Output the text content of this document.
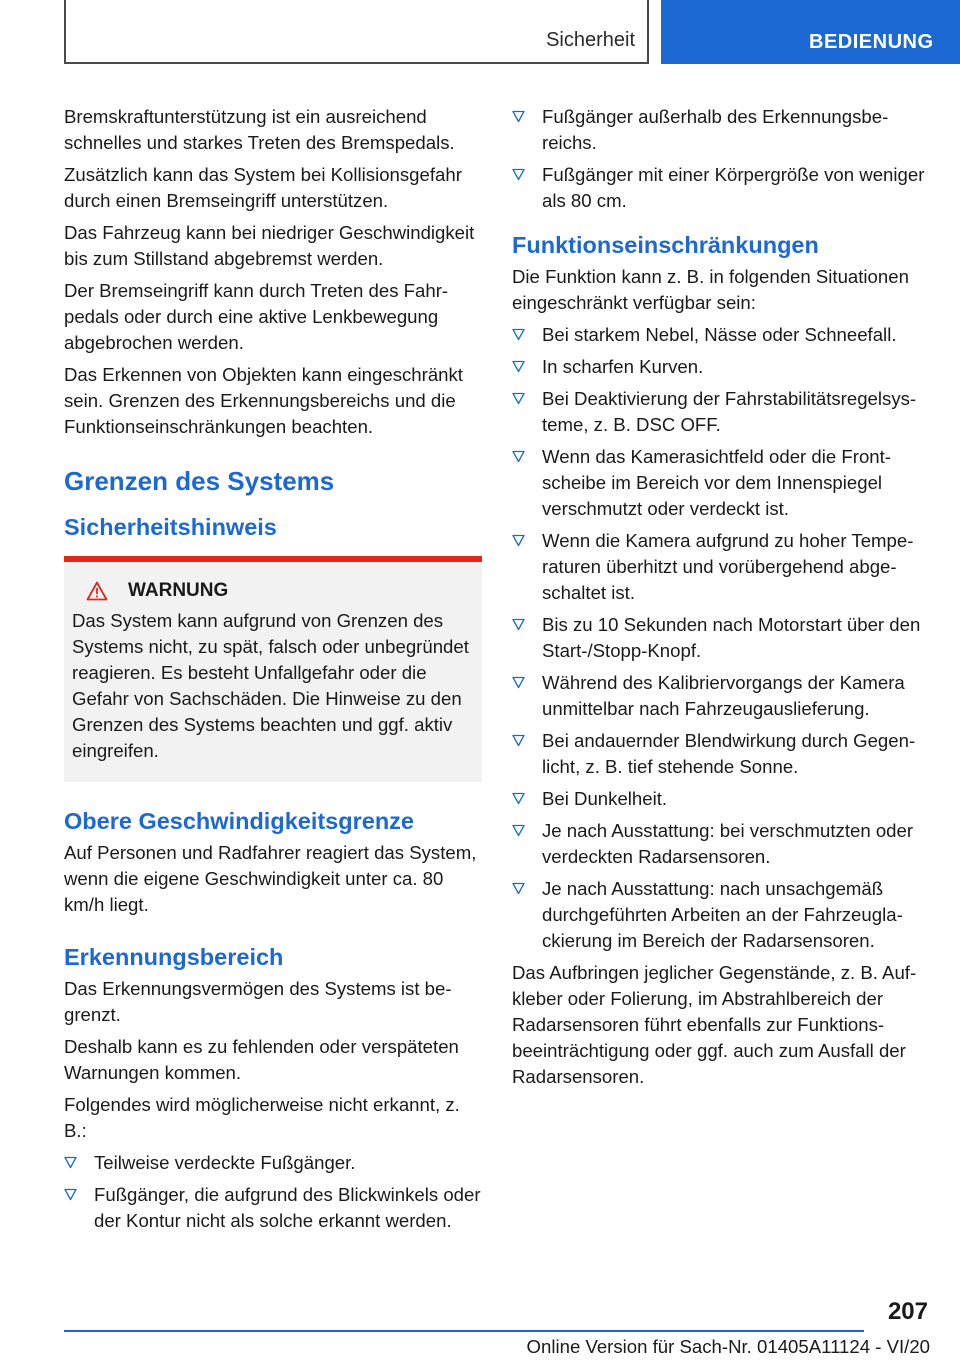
Sicherheit	BEDIENUNG

Bremskraftunterstützung ist ein ausreichend schnelles und starkes Treten des Bremspedals.

Zusätzlich kann das System bei Kollisionsgefahr durch einen Bremseingriff unterstützen.

Das Fahrzeug kann bei niedriger Geschwindigkeit bis zum Stillstand abgebremst werden.

Der Bremseingriff kann durch Treten des Fahrpedals oder durch eine aktive Lenkbewegung abgebrochen werden.

Das Erkennen von Objekten kann eingeschränkt sein. Grenzen des Erkennungsbereichs und die Funktionseinschränkungen beachten.

Grenzen des Systems
Sicherheitshinweis
WARNUNG

Das System kann aufgrund von Grenzen des Systems nicht, zu spät, falsch oder unbegründet reagieren. Es besteht Unfallgefahr oder die Gefahr von Sachschäden. Die Hinweise zu den Grenzen des Systems beachten und ggf. aktiv eingreifen.

Obere Geschwindigkeitsgrenze

Auf Personen und Radfahrer reagiert das System, wenn die eigene Geschwindigkeit unter ca. 80 km/h liegt.

Erkennungsbereich

Das Erkennungsvermögen des Systems ist begrenzt.

Deshalb kann es zu fehlenden oder verspäteten Warnungen kommen.

Folgendes wird möglicherweise nicht erkannt, z. B.:

Teilweise verdeckte Fußgänger.
Fußgänger, die aufgrund des Blickwinkels oder der Kontur nicht als solche erkannt werden.
Fußgänger außerhalb des Erkennungsbereichs.
Fußgänger mit einer Körpergröße von weniger als 80 cm.
Funktionseinschränkungen

Die Funktion kann z. B. in folgenden Situationen eingeschränkt verfügbar sein:

Bei starkem Nebel, Nässe oder Schneefall.
In scharfen Kurven.
Bei Deaktivierung der Fahrstabilitätsregelsysteme, z. B. DSC OFF.
Wenn das Kamerasichtfeld oder die Frontscheibe im Bereich vor dem Innenspiegel verschmutzt oder verdeckt ist.
Wenn die Kamera aufgrund zu hoher Temperaturen überhitzt und vorübergehend abgeschaltet ist.
Bis zu 10 Sekunden nach Motorstart über den Start-/Stopp-Knopf.
Während des Kalibriervorgangs der Kamera unmittelbar nach Fahrzeugauslieferung.
Bei andauernder Blendwirkung durch Gegenlicht, z. B. tief stehende Sonne.
Bei Dunkelheit.
Je nach Ausstattung: bei verschmutzten oder verdeckten Radarsensoren.
Je nach Ausstattung: nach unsachgemäß durchgeführten Arbeiten an der Fahrzeuglackierung im Bereich der Radarsensoren.

Das Aufbringen jeglicher Gegenstände, z. B. Aufkleber oder Folierung, im Abstrahlbereich der Radarsensoren führt ebenfalls zur Funktionsbeeinträchtigung oder ggf. auch zum Ausfall der Radarsensoren.

207
Online Version für Sach-Nr. 01405A11124 - VI/20
